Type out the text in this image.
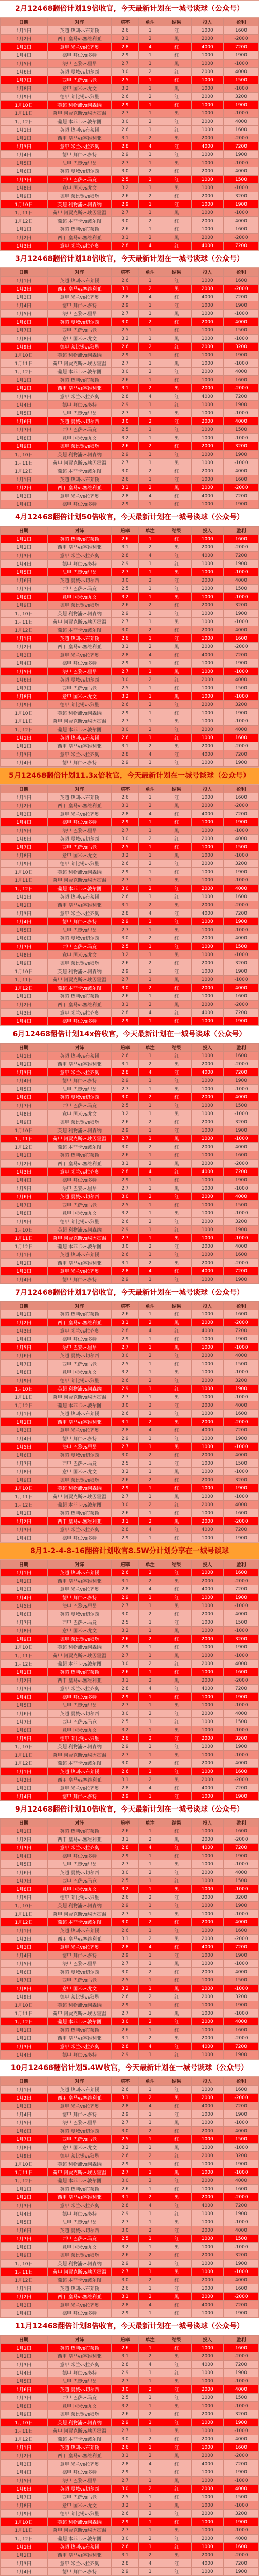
2月12468翻倍计划19倍收官，今天最新计划在一城号谈球（公众号）
日期	对阵	赔率	单注	结果	投入	盈利
1月1日	英超 热刺vs布莱顿	2.6	1	红	1000	1600
1月2日	西甲 皇马vs塞维利亚	3.1	2	黑	2000	-2000
1月3日	意甲 米兰vs拉齐奥	2.8	4	红	4000	7200
1月4日	德甲 拜仁vs多特	2.9	1	红	1000	1900
1月5日	法甲 巴黎vs里昂	2.7	1	黑	1000	-1000
1月6日	英超 曼城vs切尔西	3.0	2	红	2000	4000
1月7日	西甲 巴萨vs马竞	2.5	1	红	1000	1500
1月8日	意甲 国米vs尤文	3.2	1	黑	1000	-1000
1月9日	德甲 莱比锡vs狼堡	2.6	2	红	2000	3200
1月10日	英超 利物浦vs阿森纳	2.9	1	红	1000	1900
1月11日	荷甲 阿贾克斯vs埃因霍温	2.7	1	黑	1000	-1000
1月12日	葡超 本菲卡vs波尔图	3.0	2	红	2000	4000
1月1日	英超 热刺vs布莱顿	2.6	1	红	1000	1600
1月2日	西甲 皇马vs塞维利亚	3.1	2	黑	2000	-2000
1月3日	意甲 米兰vs拉齐奥	2.8	4	红	4000	7200
1月4日	德甲 拜仁vs多特	2.9	1	红	1000	1900
1月5日	法甲 巴黎vs里昂	2.7	1	黑	1000	-1000
1月6日	英超 曼城vs切尔西	3.0	2	红	2000	4000
1月7日	西甲 巴萨vs马竞	2.5	1	红	1000	1500
1月8日	意甲 国米vs尤文	3.2	1	黑	1000	-1000
1月9日	德甲 莱比锡vs狼堡	2.6	2	红	2000	3200
1月10日	英超 利物浦vs阿森纳	2.9	1	红	1000	1900
1月11日	荷甲 阿贾克斯vs埃因霍温	2.7	1	黑	1000	-1000
1月12日	葡超 本菲卡vs波尔图	3.0	2	红	2000	4000
1月1日	英超 热刺vs布莱顿	2.6	1	红	1000	1600
1月2日	西甲 皇马vs塞维利亚	3.1	2	黑	2000	-2000
1月3日	意甲 米兰vs拉齐奥	2.8	4	红	4000	7200
3月12468翻倍计划18倍收官，今天最新计划在一城号谈球（公众号）
日期	对阵	赔率	单注	结果	投入	盈利
1月1日	英超 热刺vs布莱顿	2.6	1	红	1000	1600
1月2日	西甲 皇马vs塞维利亚	3.1	2	黑	2000	-2000
1月3日	意甲 米兰vs拉齐奥	2.8	4	红	4000	7200
1月4日	德甲 拜仁vs多特	2.9	1	红	1000	1900
1月5日	法甲 巴黎vs里昂	2.7	1	黑	1000	-1000
1月6日	英超 曼城vs切尔西	3.0	2	红	2000	4000
1月7日	西甲 巴萨vs马竞	2.5	1	红	1000	1500
1月8日	意甲 国米vs尤文	3.2	1	黑	1000	-1000
1月9日	德甲 莱比锡vs狼堡	2.6	2	红	2000	3200
1月10日	英超 利物浦vs阿森纳	2.9	1	红	1000	1900
1月11日	荷甲 阿贾克斯vs埃因霍温	2.7	1	黑	1000	-1000
1月12日	葡超 本菲卡vs波尔图	3.0	2	红	2000	4000
1月1日	英超 热刺vs布莱顿	2.6	1	红	1000	1600
1月2日	西甲 皇马vs塞维利亚	3.1	2	黑	2000	-2000
1月3日	意甲 米兰vs拉齐奥	2.8	4	红	4000	7200
1月4日	德甲 拜仁vs多特	2.9	1	红	1000	1900
1月5日	法甲 巴黎vs里昂	2.7	1	黑	1000	-1000
1月6日	英超 曼城vs切尔西	3.0	2	红	2000	4000
1月7日	西甲 巴萨vs马竞	2.5	1	红	1000	1500
1月8日	意甲 国米vs尤文	3.2	1	黑	1000	-1000
1月9日	德甲 莱比锡vs狼堡	2.6	2	红	2000	3200
1月10日	英超 利物浦vs阿森纳	2.9	1	红	1000	1900
1月11日	荷甲 阿贾克斯vs埃因霍温	2.7	1	黑	1000	-1000
1月12日	葡超 本菲卡vs波尔图	3.0	2	红	2000	4000
1月1日	英超 热刺vs布莱顿	2.6	1	红	1000	1600
1月2日	西甲 皇马vs塞维利亚	3.1	2	黑	2000	-2000
1月3日	意甲 米兰vs拉齐奥	2.8	4	红	4000	7200
1月4日	德甲 拜仁vs多特	2.9	1	红	1000	1900
4月12468翻倍计划50倍收官，今天最新计划在一城号谈球（公众号）
日期	对阵	赔率	单注	结果	投入	盈利
1月1日	英超 热刺vs布莱顿	2.6	1	红	1000	1600
1月2日	西甲 皇马vs塞维利亚	3.1	2	黑	2000	-2000
1月3日	意甲 米兰vs拉齐奥	2.8	4	红	4000	7200
1月4日	德甲 拜仁vs多特	2.9	1	红	1000	1900
1月5日	法甲 巴黎vs里昂	2.7	1	黑	1000	-1000
1月6日	英超 曼城vs切尔西	3.0	2	红	2000	4000
1月7日	西甲 巴萨vs马竞	2.5	1	红	1000	1500
1月8日	意甲 国米vs尤文	3.2	1	黑	1000	-1000
1月9日	德甲 莱比锡vs狼堡	2.6	2	红	2000	3200
1月10日	英超 利物浦vs阿森纳	2.9	1	红	1000	1900
1月11日	荷甲 阿贾克斯vs埃因霍温	2.7	1	黑	1000	-1000
1月12日	葡超 本菲卡vs波尔图	3.0	2	红	2000	4000
1月1日	英超 热刺vs布莱顿	2.6	1	红	1000	1600
1月2日	西甲 皇马vs塞维利亚	3.1	2	黑	2000	-2000
1月3日	意甲 米兰vs拉齐奥	2.8	4	红	4000	7200
1月4日	德甲 拜仁vs多特	2.9	1	红	1000	1900
1月5日	法甲 巴黎vs里昂	2.7	1	黑	1000	-1000
1月6日	英超 曼城vs切尔西	3.0	2	红	2000	4000
1月7日	西甲 巴萨vs马竞	2.5	1	红	1000	1500
1月8日	意甲 国米vs尤文	3.2	1	黑	1000	-1000
1月9日	德甲 莱比锡vs狼堡	2.6	2	红	2000	3200
1月10日	英超 利物浦vs阿森纳	2.9	1	红	1000	1900
1月11日	荷甲 阿贾克斯vs埃因霍温	2.7	1	黑	1000	-1000
1月12日	葡超 本菲卡vs波尔图	3.0	2	红	2000	4000
1月1日	英超 热刺vs布莱顿	2.6	1	红	1000	1600
1月2日	西甲 皇马vs塞维利亚	3.1	2	黑	2000	-2000
1月3日	意甲 米兰vs拉齐奥	2.8	4	红	4000	7200
1月4日	德甲 拜仁vs多特	2.9	1	红	1000	1900
5月12468翻倍计划11.3x倍收官，今天最新计划在一城号谈球（公众号）
日期	对阵	赔率	单注	结果	投入	盈利
1月1日	英超 热刺vs布莱顿	2.6	1	红	1000	1600
1月2日	西甲 皇马vs塞维利亚	3.1	2	黑	2000	-2000
1月3日	意甲 米兰vs拉齐奥	2.8	4	红	4000	7200
1月4日	德甲 拜仁vs多特	2.9	1	红	1000	1900
1月5日	法甲 巴黎vs里昂	2.7	1	黑	1000	-1000
1月6日	英超 曼城vs切尔西	3.0	2	红	2000	4000
1月7日	西甲 巴萨vs马竞	2.5	1	红	1000	1500
1月8日	意甲 国米vs尤文	3.2	1	黑	1000	-1000
1月9日	德甲 莱比锡vs狼堡	2.6	2	红	2000	3200
1月10日	英超 利物浦vs阿森纳	2.9	1	红	1000	1900
1月11日	荷甲 阿贾克斯vs埃因霍温	2.7	1	黑	1000	-1000
1月12日	葡超 本菲卡vs波尔图	3.0	2	红	2000	4000
1月1日	英超 热刺vs布莱顿	2.6	1	红	1000	1600
1月2日	西甲 皇马vs塞维利亚	3.1	2	黑	2000	-2000
1月3日	意甲 米兰vs拉齐奥	2.8	4	红	4000	7200
1月4日	德甲 拜仁vs多特	2.9	1	红	1000	1900
1月5日	法甲 巴黎vs里昂	2.7	1	黑	1000	-1000
1月6日	英超 曼城vs切尔西	3.0	2	红	2000	4000
1月7日	西甲 巴萨vs马竞	2.5	1	红	1000	1500
1月8日	意甲 国米vs尤文	3.2	1	黑	1000	-1000
1月9日	德甲 莱比锡vs狼堡	2.6	2	红	2000	3200
1月10日	英超 利物浦vs阿森纳	2.9	1	红	1000	1900
1月11日	荷甲 阿贾克斯vs埃因霍温	2.7	1	黑	1000	-1000
1月12日	葡超 本菲卡vs波尔图	3.0	2	红	2000	4000
1月1日	英超 热刺vs布莱顿	2.6	1	红	1000	1600
1月2日	西甲 皇马vs塞维利亚	3.1	2	黑	2000	-2000
1月3日	意甲 米兰vs拉齐奥	2.8	4	红	4000	7200
1月4日	德甲 拜仁vs多特	2.9	1	红	1000	1900
6月12468翻倍计划14x倍收官，今天最新计划在一城号谈球（公众号）
日期	对阵	赔率	单注	结果	投入	盈利
1月1日	英超 热刺vs布莱顿	2.6	1	红	1000	1600
1月2日	西甲 皇马vs塞维利亚	3.1	2	黑	2000	-2000
1月3日	意甲 米兰vs拉齐奥	2.8	4	红	4000	7200
1月4日	德甲 拜仁vs多特	2.9	1	红	1000	1900
1月5日	法甲 巴黎vs里昂	2.7	1	黑	1000	-1000
1月6日	英超 曼城vs切尔西	3.0	2	红	2000	4000
1月7日	西甲 巴萨vs马竞	2.5	1	红	1000	1500
1月8日	意甲 国米vs尤文	3.2	1	黑	1000	-1000
1月9日	德甲 莱比锡vs狼堡	2.6	2	红	2000	3200
1月10日	英超 利物浦vs阿森纳	2.9	1	红	1000	1900
1月11日	荷甲 阿贾克斯vs埃因霍温	2.7	1	黑	1000	-1000
1月12日	葡超 本菲卡vs波尔图	3.0	2	红	2000	4000
1月1日	英超 热刺vs布莱顿	2.6	1	红	1000	1600
1月2日	西甲 皇马vs塞维利亚	3.1	2	黑	2000	-2000
1月3日	意甲 米兰vs拉齐奥	2.8	4	红	4000	7200
1月4日	德甲 拜仁vs多特	2.9	1	红	1000	1900
1月5日	法甲 巴黎vs里昂	2.7	1	黑	1000	-1000
1月6日	英超 曼城vs切尔西	3.0	2	红	2000	4000
1月7日	西甲 巴萨vs马竞	2.5	1	红	1000	1500
1月8日	意甲 国米vs尤文	3.2	1	黑	1000	-1000
1月9日	德甲 莱比锡vs狼堡	2.6	2	红	2000	3200
1月10日	英超 利物浦vs阿森纳	2.9	1	红	1000	1900
1月11日	荷甲 阿贾克斯vs埃因霍温	2.7	1	黑	1000	-1000
1月12日	葡超 本菲卡vs波尔图	3.0	2	红	2000	4000
1月1日	英超 热刺vs布莱顿	2.6	1	红	1000	1600
1月2日	西甲 皇马vs塞维利亚	3.1	2	黑	2000	-2000
1月3日	意甲 米兰vs拉齐奥	2.8	4	红	4000	7200
1月4日	德甲 拜仁vs多特	2.9	1	红	1000	1900
7月12468翻倍计划17倍收官，今天最新计划在一城号谈球（公众号）
日期	对阵	赔率	单注	结果	投入	盈利
1月1日	英超 热刺vs布莱顿	2.6	1	红	1000	1600
1月2日	西甲 皇马vs塞维利亚	3.1	2	黑	2000	-2000
1月3日	意甲 米兰vs拉齐奥	2.8	4	红	4000	7200
1月4日	德甲 拜仁vs多特	2.9	1	红	1000	1900
1月5日	法甲 巴黎vs里昂	2.7	1	黑	1000	-1000
1月6日	英超 曼城vs切尔西	3.0	2	红	2000	4000
1月7日	西甲 巴萨vs马竞	2.5	1	红	1000	1500
1月8日	意甲 国米vs尤文	3.2	1	黑	1000	-1000
1月9日	德甲 莱比锡vs狼堡	2.6	2	红	2000	3200
1月10日	英超 利物浦vs阿森纳	2.9	1	红	1000	1900
1月11日	荷甲 阿贾克斯vs埃因霍温	2.7	1	黑	1000	-1000
1月12日	葡超 本菲卡vs波尔图	3.0	2	红	2000	4000
1月1日	英超 热刺vs布莱顿	2.6	1	红	1000	1600
1月2日	西甲 皇马vs塞维利亚	3.1	2	黑	2000	-2000
1月3日	意甲 米兰vs拉齐奥	2.8	4	红	4000	7200
1月4日	德甲 拜仁vs多特	2.9	1	红	1000	1900
1月5日	法甲 巴黎vs里昂	2.7	1	黑	1000	-1000
1月6日	英超 曼城vs切尔西	3.0	2	红	2000	4000
1月7日	西甲 巴萨vs马竞	2.5	1	红	1000	1500
1月8日	意甲 国米vs尤文	3.2	1	黑	1000	-1000
1月9日	德甲 莱比锡vs狼堡	2.6	2	红	2000	3200
1月10日	英超 利物浦vs阿森纳	2.9	1	红	1000	1900
1月11日	荷甲 阿贾克斯vs埃因霍温	2.7	1	黑	1000	-1000
1月12日	葡超 本菲卡vs波尔图	3.0	2	红	2000	4000
1月1日	英超 热刺vs布莱顿	2.6	1	红	1000	1600
1月2日	西甲 皇马vs塞维利亚	3.1	2	黑	2000	-2000
1月3日	意甲 米兰vs拉齐奥	2.8	4	红	4000	7200
1月4日	德甲 拜仁vs多特	2.9	1	红	1000	1900
8月1-2-4-8-16翻倍计划收官8.5W分计划分享在一城号谈球
日期	对阵	赔率	单注	结果	投入	盈利
1月1日	英超 热刺vs布莱顿	2.6	1	红	1000	1600
1月2日	西甲 皇马vs塞维利亚	3.1	2	黑	2000	-2000
1月3日	意甲 米兰vs拉齐奥	2.8	4	红	4000	7200
1月4日	德甲 拜仁vs多特	2.9	1	红	1000	1900
1月5日	法甲 巴黎vs里昂	2.7	1	黑	1000	-1000
1月6日	英超 曼城vs切尔西	3.0	2	红	2000	4000
1月7日	西甲 巴萨vs马竞	2.5	1	红	1000	1500
1月8日	意甲 国米vs尤文	3.2	1	黑	1000	-1000
1月9日	德甲 莱比锡vs狼堡	2.6	2	红	2000	3200
1月10日	英超 利物浦vs阿森纳	2.9	1	红	1000	1900
1月11日	荷甲 阿贾克斯vs埃因霍温	2.7	1	黑	1000	-1000
1月12日	葡超 本菲卡vs波尔图	3.0	2	红	2000	4000
1月1日	英超 热刺vs布莱顿	2.6	1	红	1000	1600
1月2日	西甲 皇马vs塞维利亚	3.1	2	黑	2000	-2000
1月3日	意甲 米兰vs拉齐奥	2.8	4	红	4000	7200
1月4日	德甲 拜仁vs多特	2.9	1	红	1000	1900
1月5日	法甲 巴黎vs里昂	2.7	1	黑	1000	-1000
1月6日	英超 曼城vs切尔西	3.0	2	红	2000	4000
1月7日	西甲 巴萨vs马竞	2.5	1	红	1000	1500
1月8日	意甲 国米vs尤文	3.2	1	黑	1000	-1000
1月9日	德甲 莱比锡vs狼堡	2.6	2	红	2000	3200
1月10日	英超 利物浦vs阿森纳	2.9	1	红	1000	1900
1月11日	荷甲 阿贾克斯vs埃因霍温	2.7	1	黑	1000	-1000
1月12日	葡超 本菲卡vs波尔图	3.0	2	红	2000	4000
1月1日	英超 热刺vs布莱顿	2.6	1	红	1000	1600
1月2日	西甲 皇马vs塞维利亚	3.1	2	黑	2000	-2000
1月3日	意甲 米兰vs拉齐奥	2.8	4	红	4000	7200
1月4日	德甲 拜仁vs多特	2.9	1	红	1000	1900
9月12468翻倍计划10倍收官，今天最新计划在一城号谈球（公众号）
日期	对阵	赔率	单注	结果	投入	盈利
1月1日	英超 热刺vs布莱顿	2.6	1	红	1000	1600
1月2日	西甲 皇马vs塞维利亚	3.1	2	黑	2000	-2000
1月3日	意甲 米兰vs拉齐奥	2.8	4	红	4000	7200
1月4日	德甲 拜仁vs多特	2.9	1	红	1000	1900
1月5日	法甲 巴黎vs里昂	2.7	1	黑	1000	-1000
1月6日	英超 曼城vs切尔西	3.0	2	红	2000	4000
1月7日	西甲 巴萨vs马竞	2.5	1	红	1000	1500
1月8日	意甲 国米vs尤文	3.2	1	黑	1000	-1000
1月9日	德甲 莱比锡vs狼堡	2.6	2	红	2000	3200
1月10日	英超 利物浦vs阿森纳	2.9	1	红	1000	1900
1月11日	荷甲 阿贾克斯vs埃因霍温	2.7	1	黑	1000	-1000
1月12日	葡超 本菲卡vs波尔图	3.0	2	红	2000	4000
1月1日	英超 热刺vs布莱顿	2.6	1	红	1000	1600
1月2日	西甲 皇马vs塞维利亚	3.1	2	黑	2000	-2000
1月3日	意甲 米兰vs拉齐奥	2.8	4	红	4000	7200
1月4日	德甲 拜仁vs多特	2.9	1	红	1000	1900
1月5日	法甲 巴黎vs里昂	2.7	1	黑	1000	-1000
1月6日	英超 曼城vs切尔西	3.0	2	红	2000	4000
1月7日	西甲 巴萨vs马竞	2.5	1	红	1000	1500
1月8日	意甲 国米vs尤文	3.2	1	黑	1000	-1000
1月9日	德甲 莱比锡vs狼堡	2.6	2	红	2000	3200
1月10日	英超 利物浦vs阿森纳	2.9	1	红	1000	1900
1月11日	荷甲 阿贾克斯vs埃因霍温	2.7	1	黑	1000	-1000
1月12日	葡超 本菲卡vs波尔图	3.0	2	红	2000	4000
1月1日	英超 热刺vs布莱顿	2.6	1	红	1000	1600
1月2日	西甲 皇马vs塞维利亚	3.1	2	黑	2000	-2000
1月3日	意甲 米兰vs拉齐奥	2.8	4	红	4000	7200
1月4日	德甲 拜仁vs多特	2.9	1	红	1000	1900
10月12468翻倍计划5.4W收官，今天最新计划在一城号谈球（公众号）
日期	对阵	赔率	单注	结果	投入	盈利
1月1日	英超 热刺vs布莱顿	2.6	1	红	1000	1600
1月2日	西甲 皇马vs塞维利亚	3.1	2	黑	2000	-2000
1月3日	意甲 米兰vs拉齐奥	2.8	4	红	4000	7200
1月4日	德甲 拜仁vs多特	2.9	1	红	1000	1900
1月5日	法甲 巴黎vs里昂	2.7	1	黑	1000	-1000
1月6日	英超 曼城vs切尔西	3.0	2	红	2000	4000
1月7日	西甲 巴萨vs马竞	2.5	1	红	1000	1500
1月8日	意甲 国米vs尤文	3.2	1	黑	1000	-1000
1月9日	德甲 莱比锡vs狼堡	2.6	2	红	2000	3200
1月10日	英超 利物浦vs阿森纳	2.9	1	红	1000	1900
1月11日	荷甲 阿贾克斯vs埃因霍温	2.7	1	黑	1000	-1000
1月12日	葡超 本菲卡vs波尔图	3.0	2	红	2000	4000
1月1日	英超 热刺vs布莱顿	2.6	1	红	1000	1600
1月2日	西甲 皇马vs塞维利亚	3.1	2	黑	2000	-2000
1月3日	意甲 米兰vs拉齐奥	2.8	4	红	4000	7200
1月4日	德甲 拜仁vs多特	2.9	1	红	1000	1900
1月5日	法甲 巴黎vs里昂	2.7	1	黑	1000	-1000
1月6日	英超 曼城vs切尔西	3.0	2	红	2000	4000
1月7日	西甲 巴萨vs马竞	2.5	1	红	1000	1500
1月8日	意甲 国米vs尤文	3.2	1	黑	1000	-1000
1月9日	德甲 莱比锡vs狼堡	2.6	2	红	2000	3200
1月10日	英超 利物浦vs阿森纳	2.9	1	红	1000	1900
1月11日	荷甲 阿贾克斯vs埃因霍温	2.7	1	黑	1000	-1000
1月12日	葡超 本菲卡vs波尔图	3.0	2	红	2000	4000
1月1日	英超 热刺vs布莱顿	2.6	1	红	1000	1600
1月2日	西甲 皇马vs塞维利亚	3.1	2	黑	2000	-2000
1月3日	意甲 米兰vs拉齐奥	2.8	4	红	4000	7200
1月4日	德甲 拜仁vs多特	2.9	1	红	1000	1900
11月12468翻倍计划8倍收官，今天最新计划在一城号谈球（公众号）
日期	对阵	赔率	单注	结果	投入	盈利
1月1日	英超 热刺vs布莱顿	2.6	1	红	1000	1600
1月2日	西甲 皇马vs塞维利亚	3.1	2	黑	2000	-2000
1月3日	意甲 米兰vs拉齐奥	2.8	4	红	4000	7200
1月4日	德甲 拜仁vs多特	2.9	1	红	1000	1900
1月5日	法甲 巴黎vs里昂	2.7	1	黑	1000	-1000
1月6日	英超 曼城vs切尔西	3.0	2	红	2000	4000
1月7日	西甲 巴萨vs马竞	2.5	1	红	1000	1500
1月8日	意甲 国米vs尤文	3.2	1	黑	1000	-1000
1月9日	德甲 莱比锡vs狼堡	2.6	2	红	2000	3200
1月10日	英超 利物浦vs阿森纳	2.9	1	红	1000	1900
1月11日	荷甲 阿贾克斯vs埃因霍温	2.7	1	黑	1000	-1000
1月12日	葡超 本菲卡vs波尔图	3.0	2	红	2000	4000
1月1日	英超 热刺vs布莱顿	2.6	1	红	1000	1600
1月2日	西甲 皇马vs塞维利亚	3.1	2	黑	2000	-2000
1月3日	意甲 米兰vs拉齐奥	2.8	4	红	4000	7200
1月4日	德甲 拜仁vs多特	2.9	1	红	1000	1900
1月5日	法甲 巴黎vs里昂	2.7	1	黑	1000	-1000
1月6日	英超 曼城vs切尔西	3.0	2	红	2000	4000
1月7日	西甲 巴萨vs马竞	2.5	1	红	1000	1500
1月8日	意甲 国米vs尤文	3.2	1	黑	1000	-1000
1月9日	德甲 莱比锡vs狼堡	2.6	2	红	2000	3200
1月10日	英超 利物浦vs阿森纳	2.9	1	红	1000	1900
1月11日	荷甲 阿贾克斯vs埃因霍温	2.7	1	黑	1000	-1000
1月12日	葡超 本菲卡vs波尔图	3.0	2	红	2000	4000
1月1日	英超 热刺vs布莱顿	2.6	1	红	1000	1600
1月2日	西甲 皇马vs塞维利亚	3.1	2	黑	2000	-2000
1月3日	意甲 米兰vs拉齐奥	2.8	4	红	4000	7200
1月4日	德甲 拜仁vs多特	2.9	1	红	1000	1900
